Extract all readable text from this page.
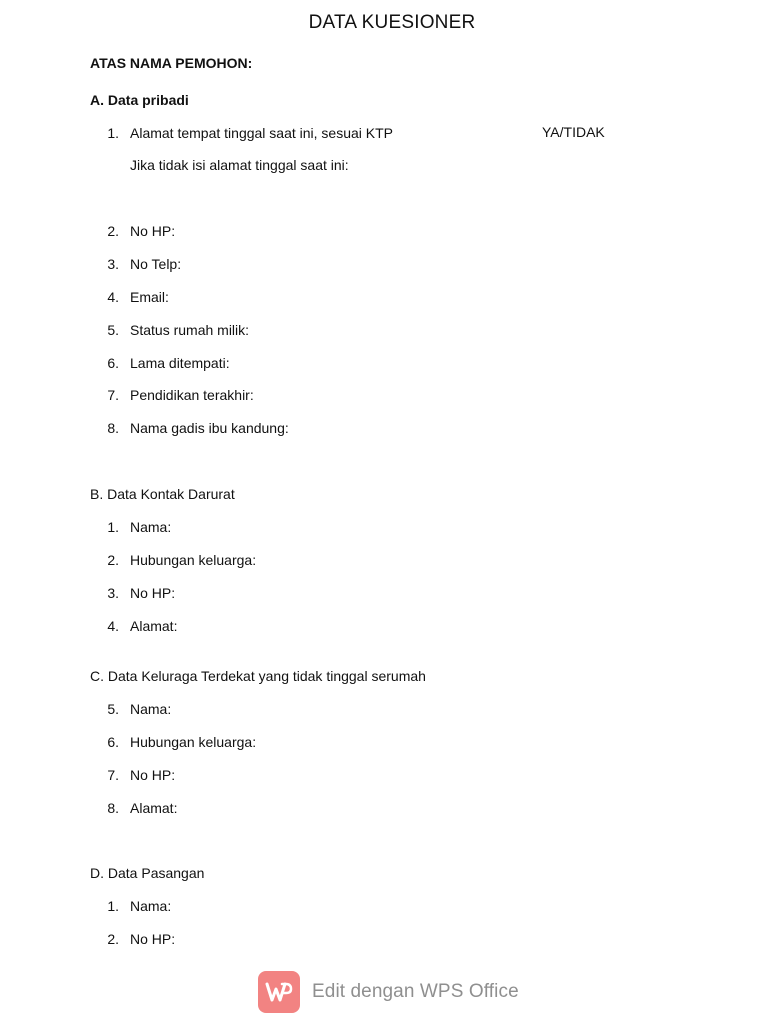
DATA KUESIONER
ATAS NAMA PEMOHON:
A. Data pribadi
1. Alamat tempat tinggal saat ini, sesuai KTP	YA/TIDAK
Jika tidak isi alamat tinggal saat ini:
2. No HP:
3. No Telp:
4. Email:
5. Status rumah milik:
6. Lama ditempati:
7. Pendidikan terakhir:
8. Nama gadis ibu kandung:
B. Data Kontak Darurat
1. Nama:
2. Hubungan keluarga:
3. No HP:
4. Alamat:
C. Data Keluraga Terdekat yang tidak tinggal serumah
5. Nama:
6. Hubungan keluarga:
7. No HP:
8. Alamat:
D. Data Pasangan
1. Nama:
2. No HP:
Edit dengan WPS Office
